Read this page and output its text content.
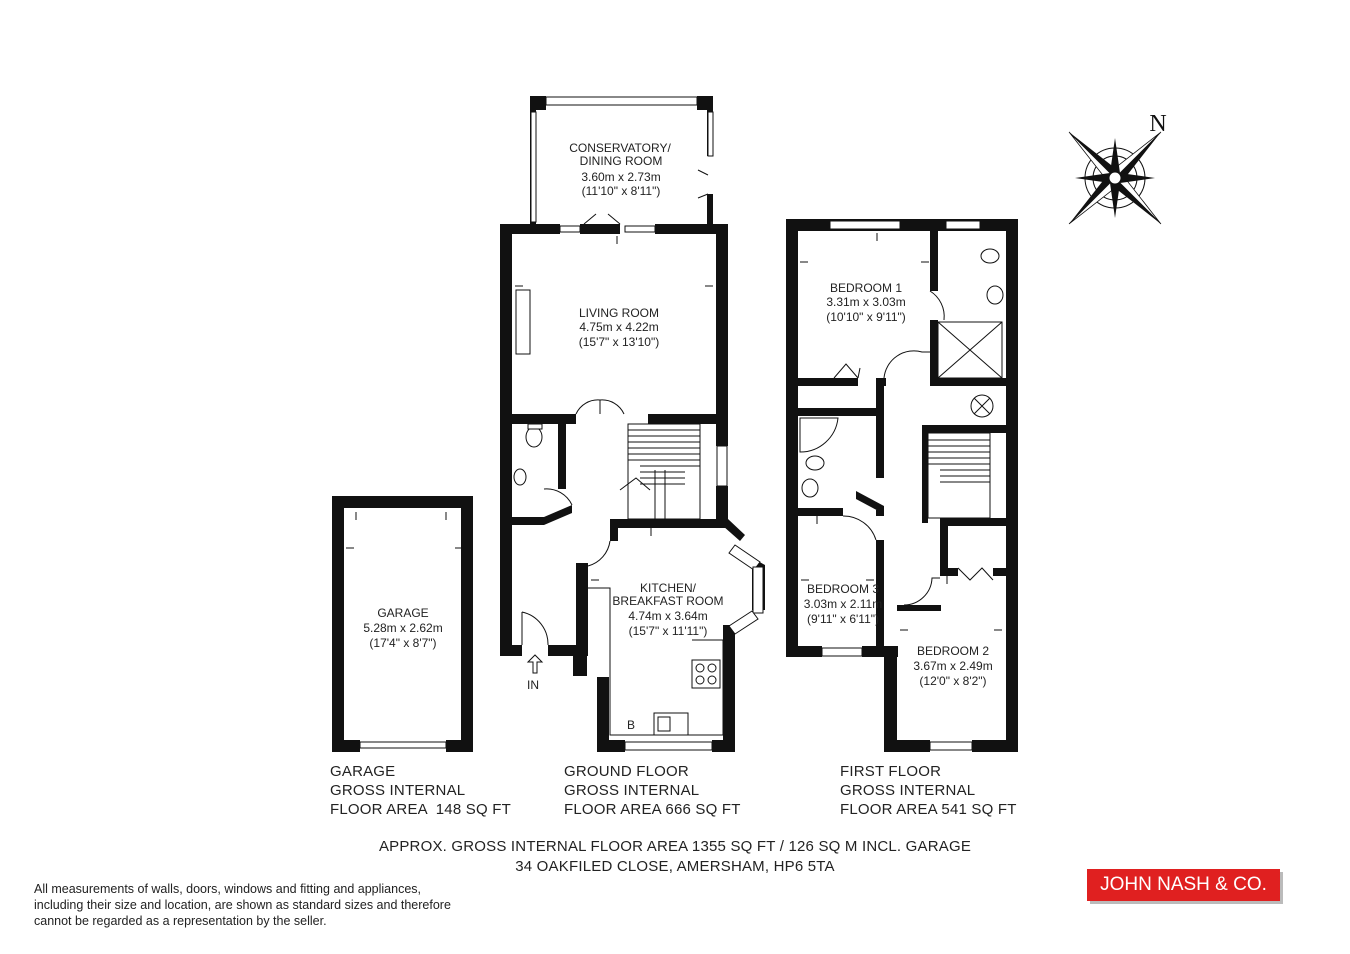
N
CONSERVATORY/
DINING ROOM
3.60m x 2.73m
(11'10" x 8'11")
LIVING ROOM
4.75m x 4.22m
(15'7" x 13'10")
KITCHEN/
BREAKFAST ROOM
4.74m x 3.64m
(15'7" x 11'11")
GARAGE
5.28m x 2.62m
(17'4" x 8'7")
BEDROOM 1
3.31m x 3.03m
(10'10" x 9'11")
BEDROOM 2
3.67m x 2.49m
(12'0" x 8'2")
BEDROOM 3
3.03m x 2.11m
(9'11" x 6'11")
IN
B
GARAGE
GROSS INTERNAL
FLOOR AREA  148 SQ FT
GROUND FLOOR
GROSS INTERNAL
FLOOR AREA 666 SQ FT
FIRST FLOOR
GROSS INTERNAL
FLOOR AREA 541 SQ FT
APPROX. GROSS INTERNAL FLOOR AREA 1355 SQ FT / 126 SQ M INCL. GARAGE
34 OAKFILED CLOSE, AMERSHAM, HP6 5TA
All measurements of walls, doors, windows and fitting and appliances,
including their size and location, are shown as standard sizes and therefore
cannot be regarded as a representation by the seller.
JOHN NASH & CO.
